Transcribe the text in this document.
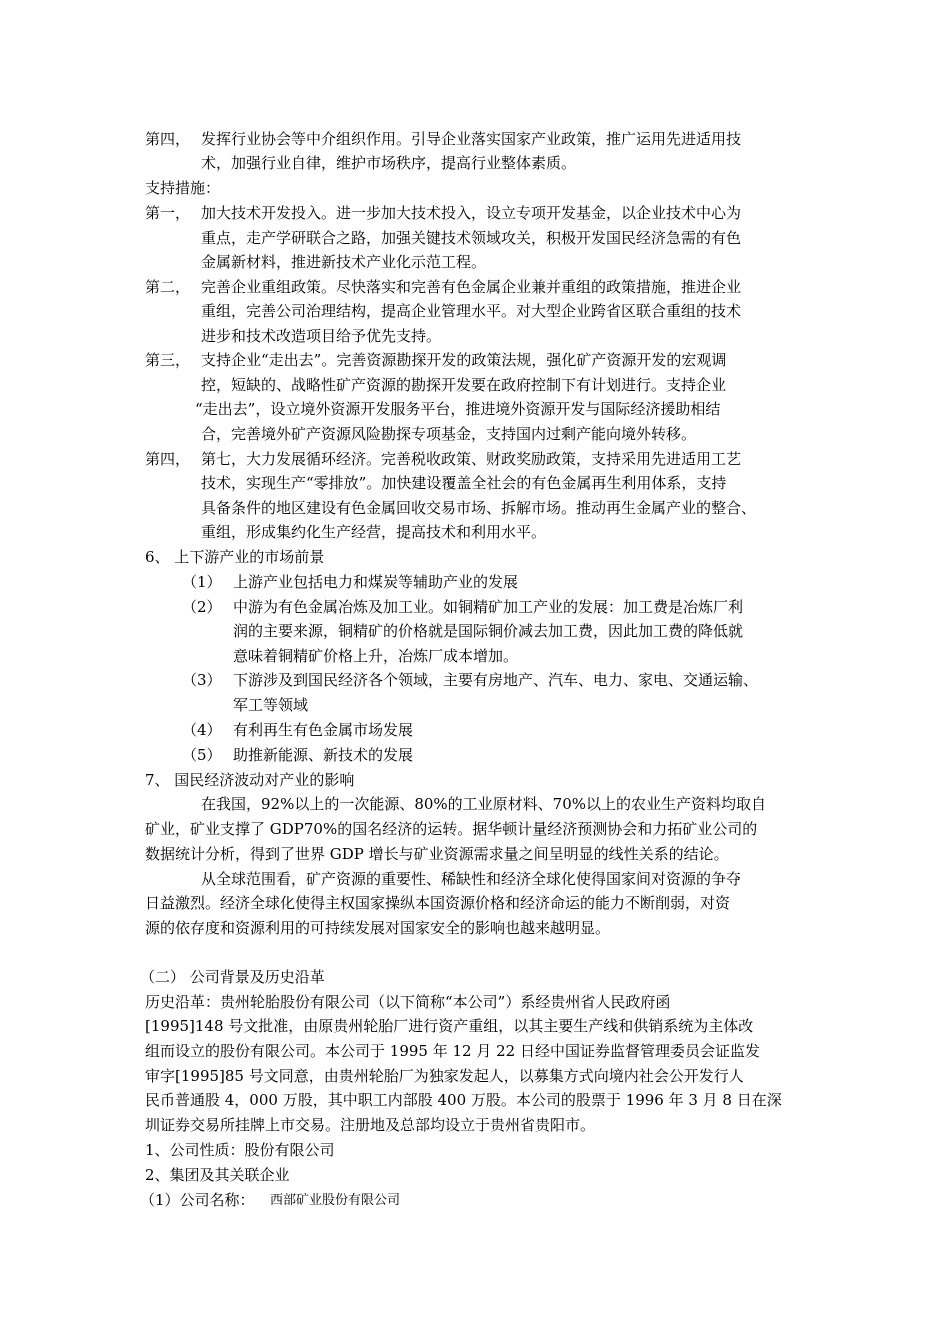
第四， 发挥行业协会等中介组织作用。引导企业落实国家产业政策，推广运用先进适用技
术，加强行业自律，维护市场秩序，提高行业整体素质。
支持措施：
第一， 加大技术开发投入。进一步加大技术投入，设立专项开发基金，以企业技术中心为
重点，走产学研联合之路，加强关键技术领域攻关，积极开发国民经济急需的有色
金属新材料，推进新技术产业化示范工程。
第二， 完善企业重组政策。尽快落实和完善有色金属企业兼并重组的政策措施，推进企业
重组，完善公司治理结构，提高企业管理水平。对大型企业跨省区联合重组的技术
进步和技术改造项目给予优先支持。
第三， 支持企业“走出去”。完善资源勘探开发的政策法规，强化矿产资源开发的宏观调
控，短缺的、战略性矿产资源的勘探开发要在政府控制下有计划进行。支持企业
“走出去”，设立境外资源开发服务平台，推进境外资源开发与国际经济援助相结
合，完善境外矿产资源风险勘探专项基金，支持国内过剩产能向境外转移。
第四， 第七，大力发展循环经济。完善税收政策、财政奖励政策，支持采用先进适用工艺
技术，实现生产“零排放”。加快建设覆盖全社会的有色金属再生利用体系，支持
具备条件的地区建设有色金属回收交易市场、拆解市场。推动再生金属产业的整合、
重组，形成集约化生产经营，提高技术和利用水平。
6、 上下游产业的市场前景
（1） 上游产业包括电力和煤炭等辅助产业的发展
（2） 中游为有色金属冶炼及加工业。如铜精矿加工产业的发展：加工费是冶炼厂利
润的主要来源，铜精矿的价格就是国际铜价减去加工费，因此加工费的降低就
意味着铜精矿价格上升，冶炼厂成本增加。
（3） 下游涉及到国民经济各个领域，主要有房地产、汽车、电力、家电、交通运输、
军工等领域
（4） 有利再生有色金属市场发展
（5） 助推新能源、新技术的发展
7、 国民经济波动对产业的影响
在我国，92%以上的一次能源、80%的工业原材料、70%以上的农业生产资料均取自
矿业，矿业支撑了 GDP70%的国名经济的运转。据华顿计量经济预测协会和力拓矿业公司的
数据统计分析，得到了世界 GDP 增长与矿业资源需求量之间呈明显的线性关系的结论。
从全球范围看，矿产资源的重要性、稀缺性和经济全球化使得国家间对资源的争夺
日益激烈。经济全球化使得主权国家操纵本国资源价格和经济命运的能力不断削弱，对资
源的依存度和资源利用的可持续发展对国家安全的影响也越来越明显。
（二） 公司背景及历史沿革
历史沿革：贵州轮胎股份有限公司（以下简称“本公司”）系经贵州省人民政府函
[1995]148 号文批准，由原贵州轮胎厂进行资产重组，以其主要生产线和供销系统为主体改
组而设立的股份有限公司。本公司于 1995 年 12 月 22 日经中国证券监督管理委员会证监发
审字[1995]85 号文同意，由贵州轮胎厂为独家发起人，以募集方式向境内社会公开发行人
民币普通股 4，000 万股，其中职工内部股 400 万股。本公司的股票于 1996 年 3 月 8 日在深
圳证券交易所挂牌上市交易。注册地及总部均设立于贵州省贵阳市。
1、公司性质：股份有限公司
2、集团及其关联企业
（1）公司名称： 西部矿业股份有限公司
